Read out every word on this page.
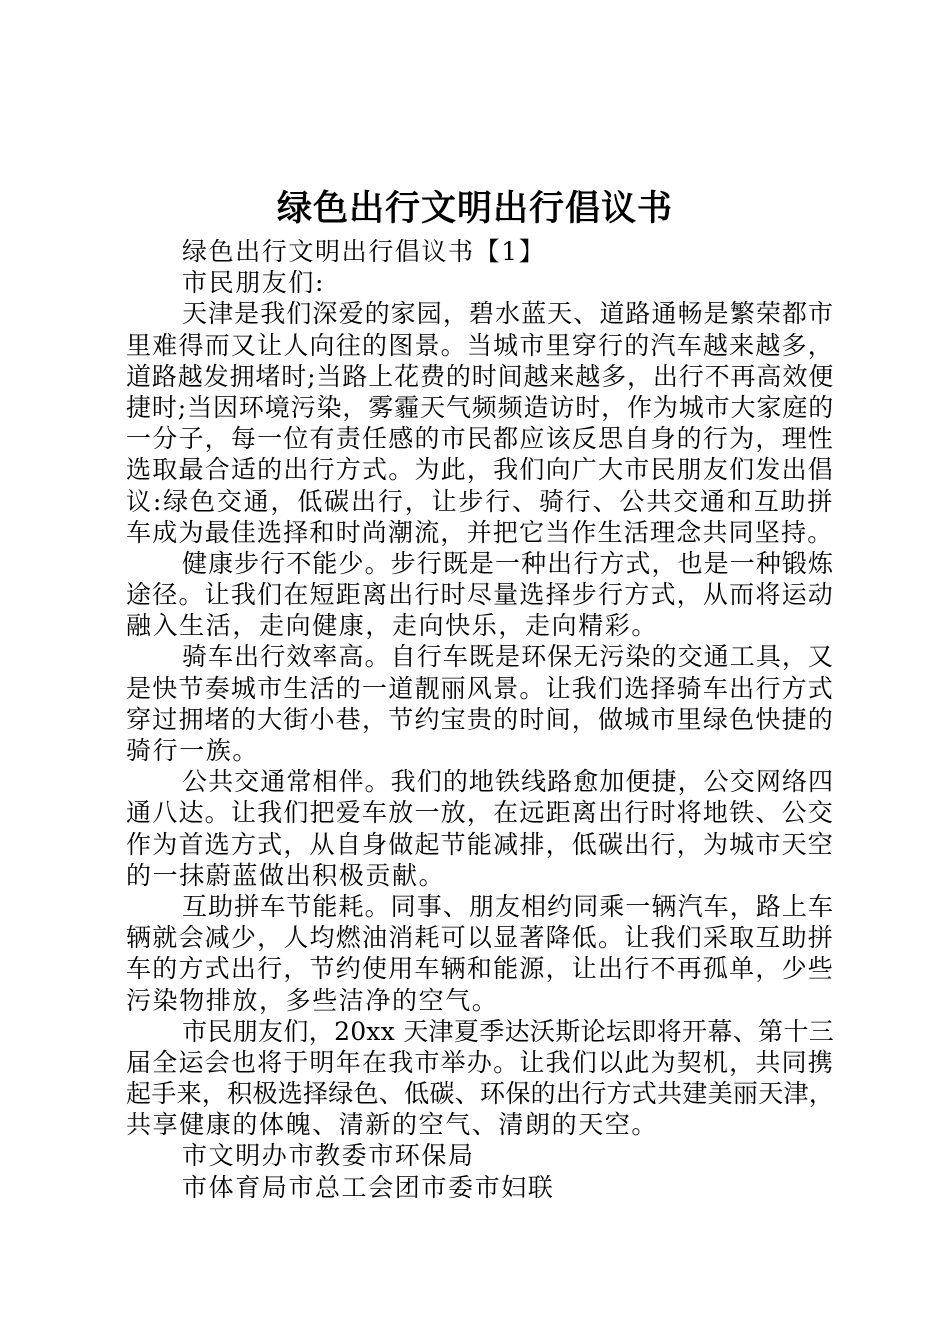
绿色出行文明出行倡议书
绿色出行文明出行倡议书【1】
市民朋友们:
天津是我们深爱的家园，碧水蓝天、道路通畅是繁荣都市
里难得而又让人向往的图景。当城市里穿行的汽车越来越多，
道路越发拥堵时;当路上花费的时间越来越多，出行不再高效便
捷时;当因环境污染，雾霾天气频频造访时，作为城市大家庭的
一分子，每一位有责任感的市民都应该反思自身的行为，理性
选取最合适的出行方式。为此，我们向广大市民朋友们发出倡
议:绿色交通，低碳出行，让步行、骑行、公共交通和互助拼
车成为最佳选择和时尚潮流，并把它当作生活理念共同坚持。
健康步行不能少。步行既是一种出行方式，也是一种锻炼
途径。让我们在短距离出行时尽量选择步行方式，从而将运动
融入生活，走向健康，走向快乐，走向精彩。
骑车出行效率高。自行车既是环保无污染的交通工具，又
是快节奏城市生活的一道靓丽风景。让我们选择骑车出行方式
穿过拥堵的大街小巷，节约宝贵的时间，做城市里绿色快捷的
骑行一族。
公共交通常相伴。我们的地铁线路愈加便捷，公交网络四
通八达。让我们把爱车放一放，在远距离出行时将地铁、公交
作为首选方式，从自身做起节能减排，低碳出行，为城市天空
的一抹蔚蓝做出积极贡献。
互助拼车节能耗。同事、朋友相约同乘一辆汽车，路上车
辆就会减少，人均燃油消耗可以显著降低。让我们采取互助拼
车的方式出行，节约使用车辆和能源，让出行不再孤单，少些
污染物排放，多些洁净的空气。
市民朋友们，20xx 天津夏季达沃斯论坛即将开幕、第十三
届全运会也将于明年在我市举办。让我们以此为契机，共同携
起手来，积极选择绿色、低碳、环保的出行方式共建美丽天津，
共享健康的体魄、清新的空气、清朗的天空。
市文明办市教委市环保局
市体育局市总工会团市委市妇联
